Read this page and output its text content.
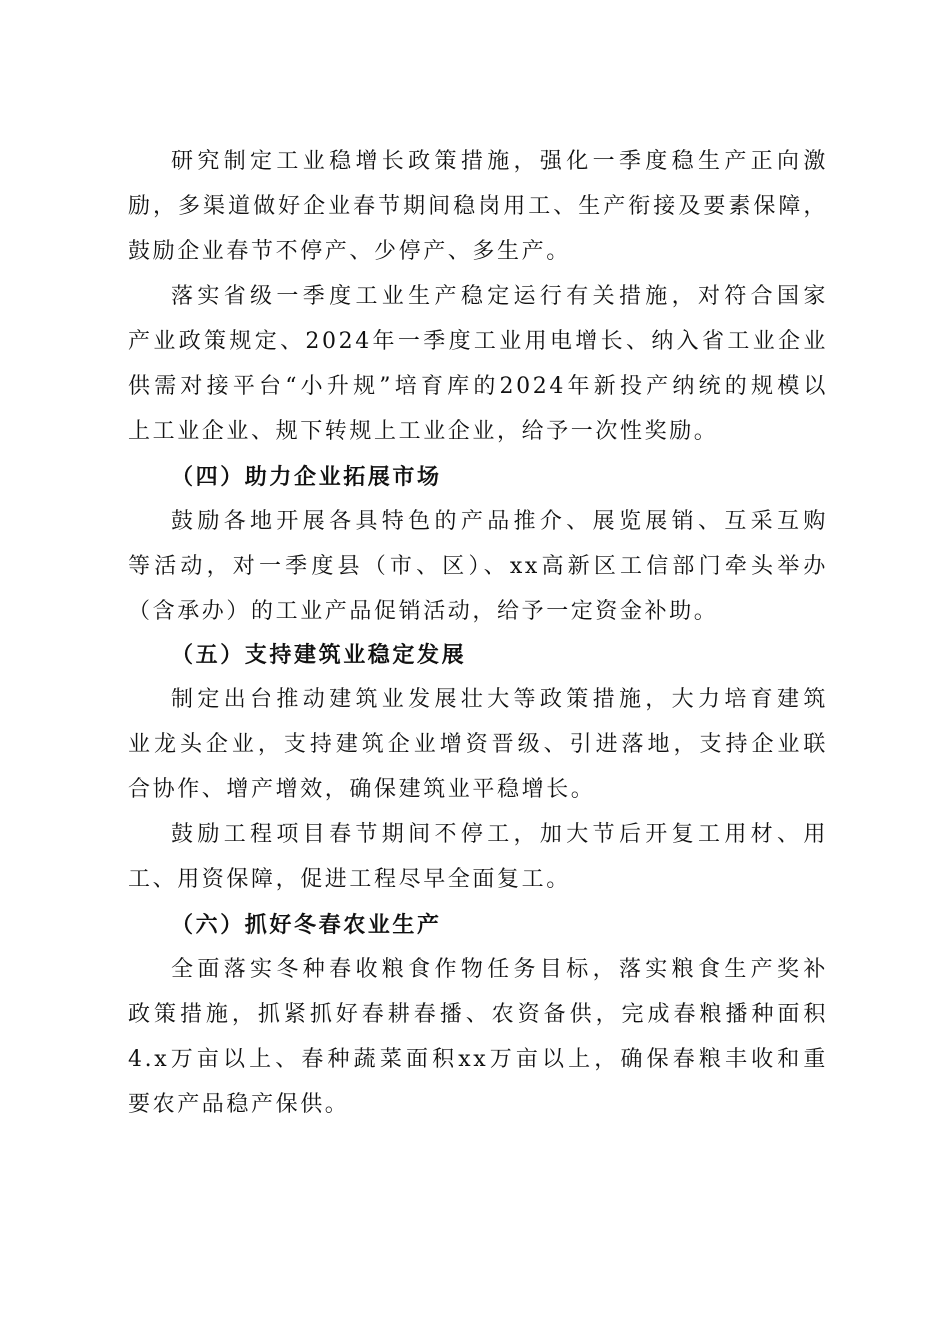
研究制定工业稳增长政策措施，强化一季度稳生产正向激
励，多渠道做好企业春节期间稳岗用工、生产衔接及要素保障，
鼓励企业春节不停产、少停产、多生产。
落实省级一季度工业生产稳定运行有关措施，对符合国家
产业政策规定、2024年一季度工业用电增长、纳入省工业企业
供需对接平台“小升规”培育库的2024年新投产纳统的规模以
上工业企业、规下转规上工业企业，给予一次性奖励。
（四）助力企业拓展市场
鼓励各地开展各具特色的产品推介、展览展销、互采互购
等活动，对一季度县（市、区）、xx高新区工信部门牵头举办
（含承办）的工业产品促销活动，给予一定资金补助。
（五）支持建筑业稳定发展
制定出台推动建筑业发展壮大等政策措施，大力培育建筑
业龙头企业，支持建筑企业增资晋级、引进落地，支持企业联
合协作、增产增效，确保建筑业平稳增长。
鼓励工程项目春节期间不停工，加大节后开复工用材、用
工、用资保障，促进工程尽早全面复工。
（六）抓好冬春农业生产
全面落实冬种春收粮食作物任务目标，落实粮食生产奖补
政策措施，抓紧抓好春耕春播、农资备供，完成春粮播种面积
4.x万亩以上、春种蔬菜面积xx万亩以上，确保春粮丰收和重
要农产品稳产保供。
